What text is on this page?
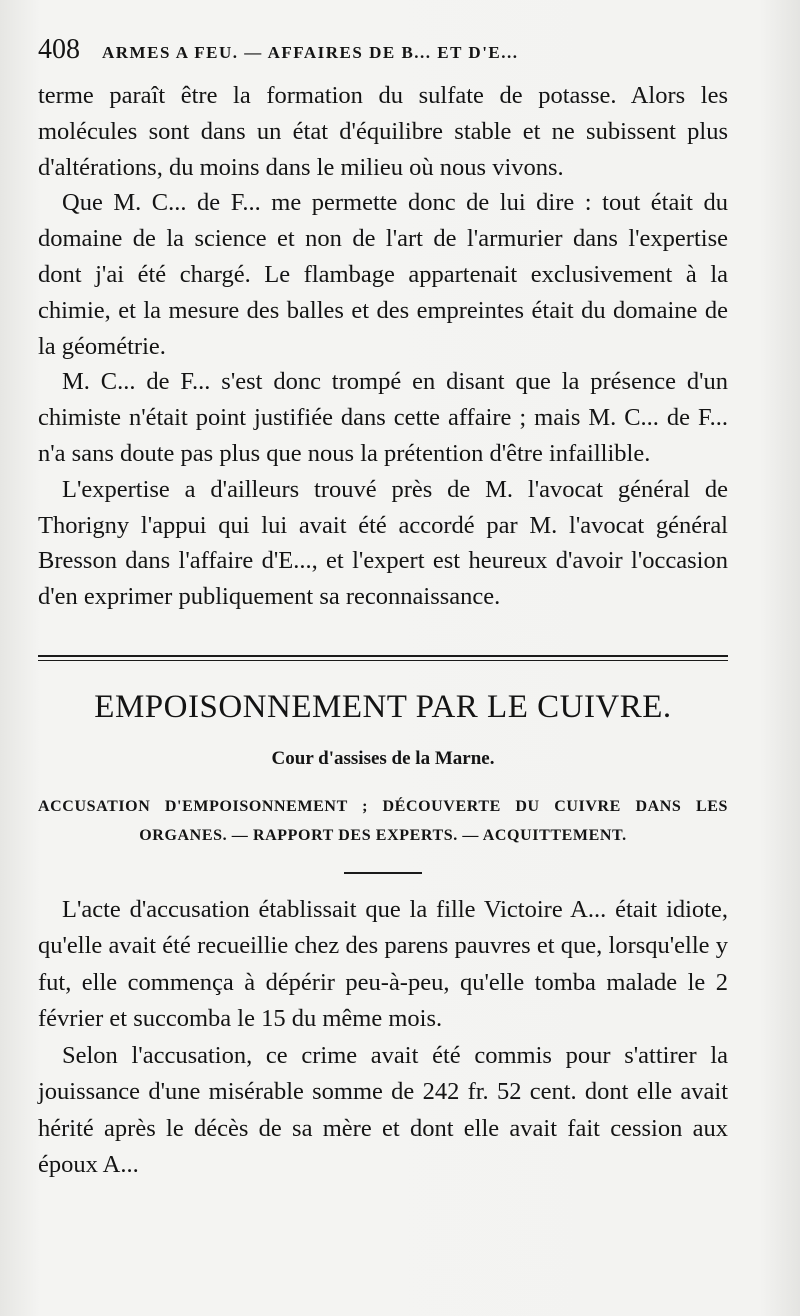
408 ARMES A FEU. — AFFAIRES DE B... ET D'E...

terme paraît être la formation du sulfate de potasse. Alors les molécules sont dans un état d'équilibre stable et ne subissent plus d'altérations, du moins dans le milieu où nous vivons.

Que M. C... de F... me permette donc de lui dire : tout était du domaine de la science et non de l'art de l'armurier dans l'expertise dont j'ai été chargé. Le flambage appartenait exclusivement à la chimie, et la mesure des balles et des empreintes était du domaine de la géométrie.

M. C... de F... s'est donc trompé en disant que la présence d'un chimiste n'était point justifiée dans cette affaire ; mais M. C... de F... n'a sans doute pas plus que nous la prétention d'être infaillible.

L'expertise a d'ailleurs trouvé près de M. l'avocat général de Thorigny l'appui qui lui avait été accordé par M. l'avocat général Bresson dans l'affaire d'E..., et l'expert est heureux d'avoir l'occasion d'en exprimer publiquement sa reconnaissance.

EMPOISONNEMENT PAR LE CUIVRE.
Cour d'assises de la Marne.
ACCUSATION D'EMPOISONNEMENT ; DÉCOUVERTE DU CUIVRE DANS LES
ORGANES. — RAPPORT DES EXPERTS. — ACQUITTEMENT.

L'acte d'accusation établissait que la fille Victoire A... était idiote, qu'elle avait été recueillie chez des parens pauvres et que, lorsqu'elle y fut, elle commença à dépérir peu-à-peu, qu'elle tomba malade le 2 février et succomba le 15 du même mois.

Selon l'accusation, ce crime avait été commis pour s'attirer la jouissance d'une misérable somme de 242 fr. 52 cent. dont elle avait hérité après le décès de sa mère et dont elle avait fait cession aux époux A...
